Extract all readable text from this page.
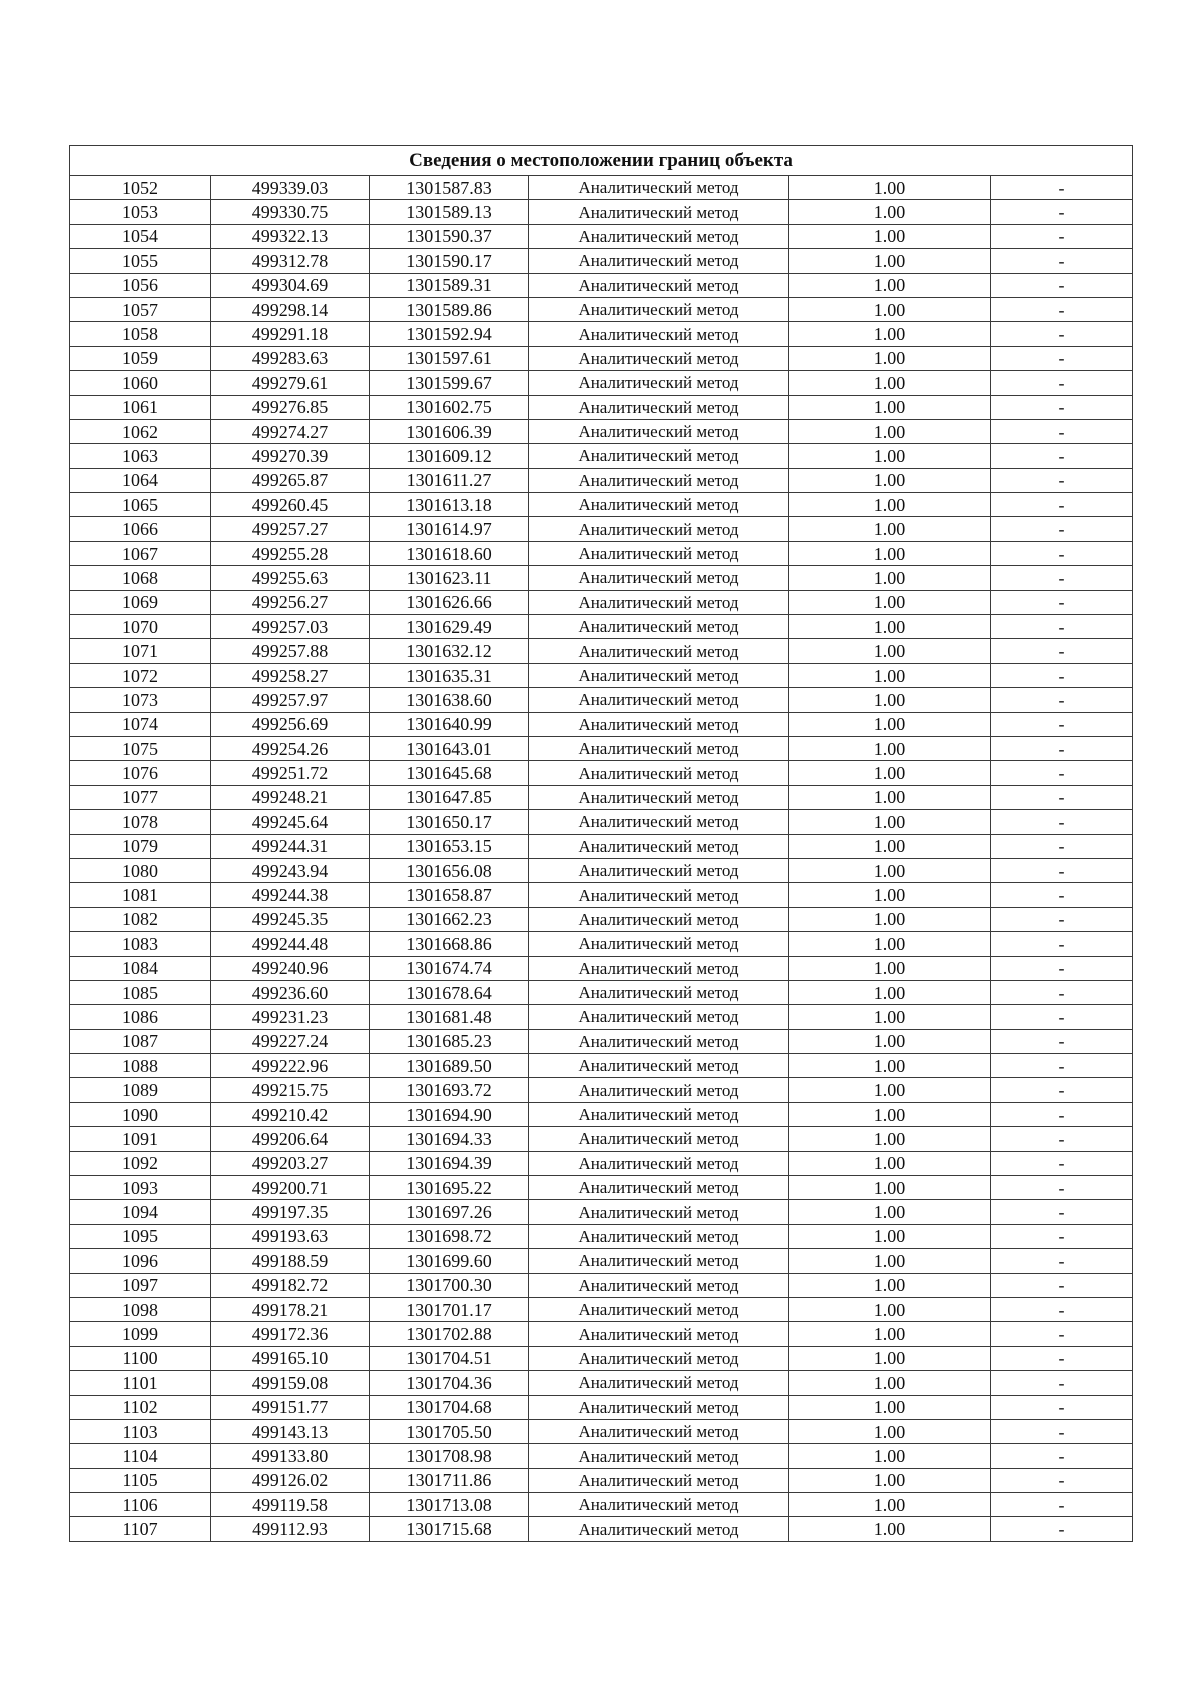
Сведения о местоположении границ объекта					
1052	499339.03	1301587.83	Аналитический метод	1.00	-
1053	499330.75	1301589.13	Аналитический метод	1.00	-
1054	499322.13	1301590.37	Аналитический метод	1.00	-
1055	499312.78	1301590.17	Аналитический метод	1.00	-
1056	499304.69	1301589.31	Аналитический метод	1.00	-
1057	499298.14	1301589.86	Аналитический метод	1.00	-
1058	499291.18	1301592.94	Аналитический метод	1.00	-
1059	499283.63	1301597.61	Аналитический метод	1.00	-
1060	499279.61	1301599.67	Аналитический метод	1.00	-
1061	499276.85	1301602.75	Аналитический метод	1.00	-
1062	499274.27	1301606.39	Аналитический метод	1.00	-
1063	499270.39	1301609.12	Аналитический метод	1.00	-
1064	499265.87	1301611.27	Аналитический метод	1.00	-
1065	499260.45	1301613.18	Аналитический метод	1.00	-
1066	499257.27	1301614.97	Аналитический метод	1.00	-
1067	499255.28	1301618.60	Аналитический метод	1.00	-
1068	499255.63	1301623.11	Аналитический метод	1.00	-
1069	499256.27	1301626.66	Аналитический метод	1.00	-
1070	499257.03	1301629.49	Аналитический метод	1.00	-
1071	499257.88	1301632.12	Аналитический метод	1.00	-
1072	499258.27	1301635.31	Аналитический метод	1.00	-
1073	499257.97	1301638.60	Аналитический метод	1.00	-
1074	499256.69	1301640.99	Аналитический метод	1.00	-
1075	499254.26	1301643.01	Аналитический метод	1.00	-
1076	499251.72	1301645.68	Аналитический метод	1.00	-
1077	499248.21	1301647.85	Аналитический метод	1.00	-
1078	499245.64	1301650.17	Аналитический метод	1.00	-
1079	499244.31	1301653.15	Аналитический метод	1.00	-
1080	499243.94	1301656.08	Аналитический метод	1.00	-
1081	499244.38	1301658.87	Аналитический метод	1.00	-
1082	499245.35	1301662.23	Аналитический метод	1.00	-
1083	499244.48	1301668.86	Аналитический метод	1.00	-
1084	499240.96	1301674.74	Аналитический метод	1.00	-
1085	499236.60	1301678.64	Аналитический метод	1.00	-
1086	499231.23	1301681.48	Аналитический метод	1.00	-
1087	499227.24	1301685.23	Аналитический метод	1.00	-
1088	499222.96	1301689.50	Аналитический метод	1.00	-
1089	499215.75	1301693.72	Аналитический метод	1.00	-
1090	499210.42	1301694.90	Аналитический метод	1.00	-
1091	499206.64	1301694.33	Аналитический метод	1.00	-
1092	499203.27	1301694.39	Аналитический метод	1.00	-
1093	499200.71	1301695.22	Аналитический метод	1.00	-
1094	499197.35	1301697.26	Аналитический метод	1.00	-
1095	499193.63	1301698.72	Аналитический метод	1.00	-
1096	499188.59	1301699.60	Аналитический метод	1.00	-
1097	499182.72	1301700.30	Аналитический метод	1.00	-
1098	499178.21	1301701.17	Аналитический метод	1.00	-
1099	499172.36	1301702.88	Аналитический метод	1.00	-
1100	499165.10	1301704.51	Аналитический метод	1.00	-
1101	499159.08	1301704.36	Аналитический метод	1.00	-
1102	499151.77	1301704.68	Аналитический метод	1.00	-
1103	499143.13	1301705.50	Аналитический метод	1.00	-
1104	499133.80	1301708.98	Аналитический метод	1.00	-
1105	499126.02	1301711.86	Аналитический метод	1.00	-
1106	499119.58	1301713.08	Аналитический метод	1.00	-
1107	499112.93	1301715.68	Аналитический метод	1.00	-
